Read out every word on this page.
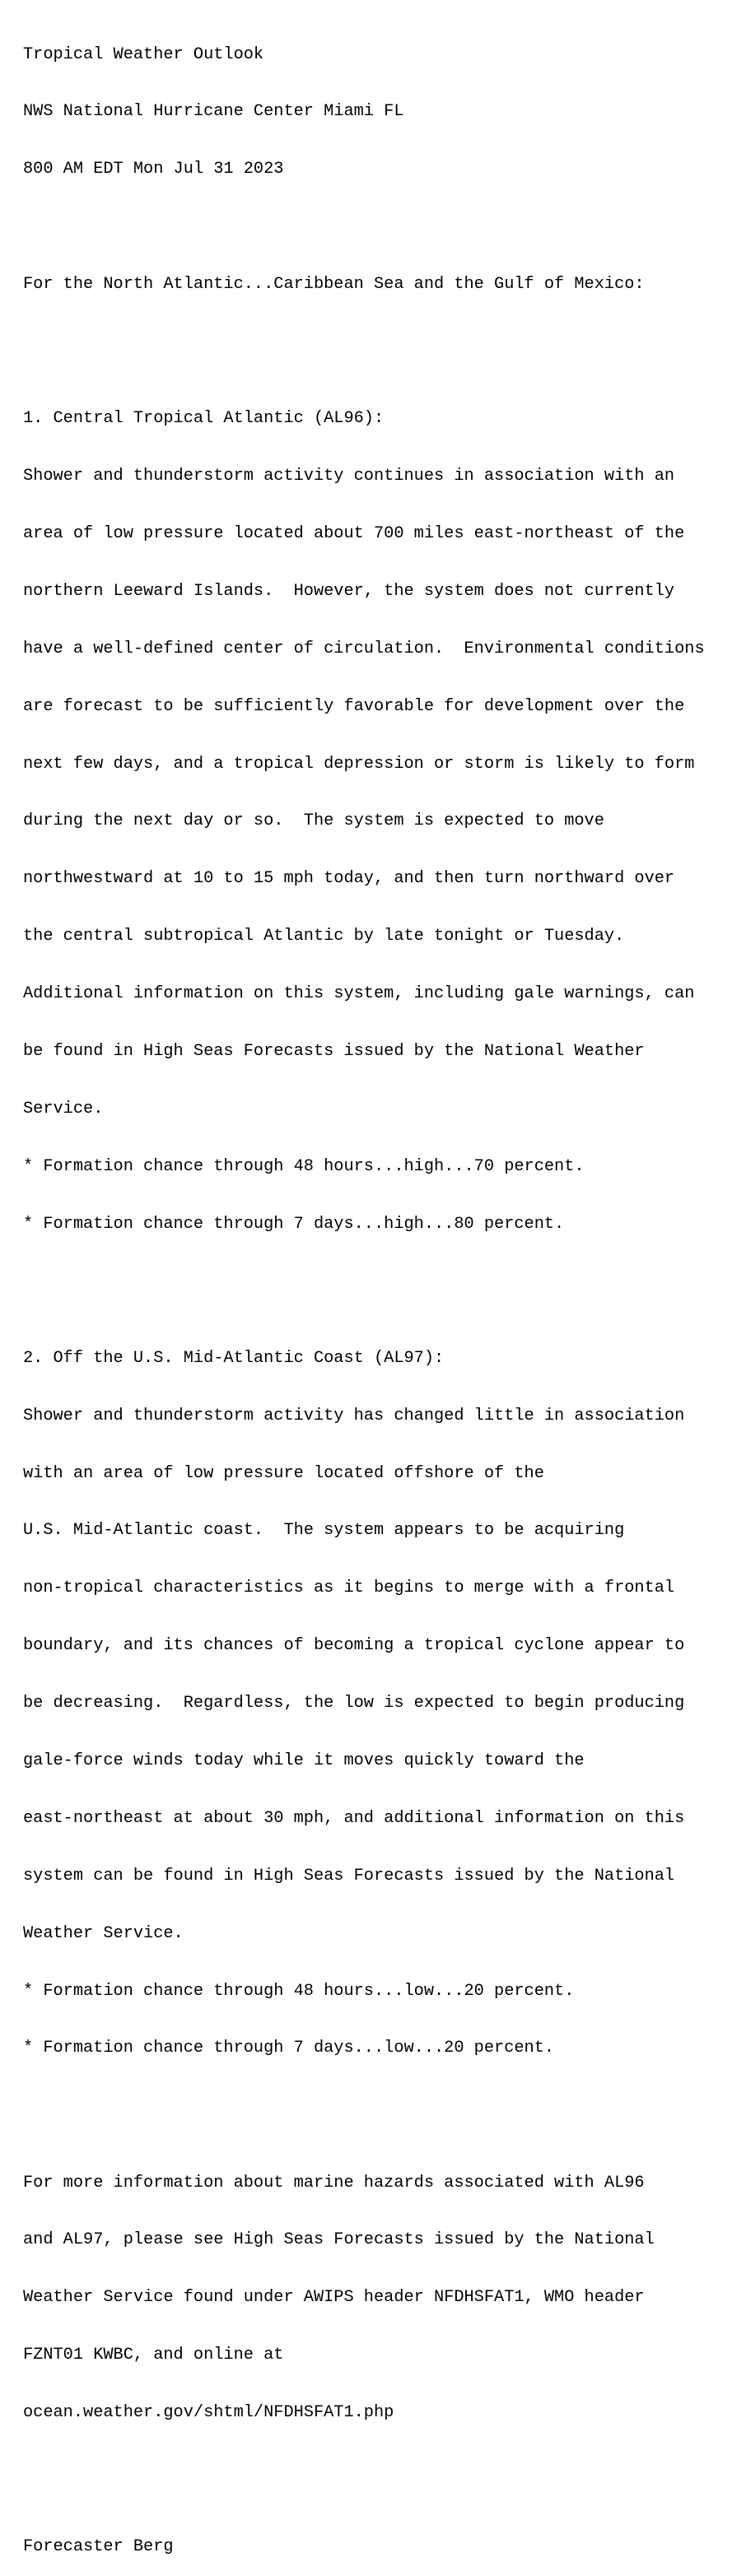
Tropical Weather Outlook

NWS National Hurricane Center Miami FL

800 AM EDT Mon Jul 31 2023

For the North Atlantic...Caribbean Sea and the Gulf of Mexico:

1. Central Tropical Atlantic (AL96):

Shower and thunderstorm activity continues in association with an

area of low pressure located about 700 miles east-northeast of the

northern Leeward Islands.  However, the system does not currently

have a well-defined center of circulation.  Environmental conditions

are forecast to be sufficiently favorable for development over the

next few days, and a tropical depression or storm is likely to form

during the next day or so.  The system is expected to move

northwestward at 10 to 15 mph today, and then turn northward over

the central subtropical Atlantic by late tonight or Tuesday.

Additional information on this system, including gale warnings, can

be found in High Seas Forecasts issued by the National Weather

Service.

* Formation chance through 48 hours...high...70 percent.

* Formation chance through 7 days...high...80 percent.

2. Off the U.S. Mid-Atlantic Coast (AL97):

Shower and thunderstorm activity has changed little in association

with an area of low pressure located offshore of the

U.S. Mid-Atlantic coast.  The system appears to be acquiring

non-tropical characteristics as it begins to merge with a frontal

boundary, and its chances of becoming a tropical cyclone appear to

be decreasing.  Regardless, the low is expected to begin producing

gale-force winds today while it moves quickly toward the

east-northeast at about 30 mph, and additional information on this

system can be found in High Seas Forecasts issued by the National

Weather Service.

* Formation chance through 48 hours...low...20 percent.

* Formation chance through 7 days...low...20 percent.

For more information about marine hazards associated with AL96

and AL97, please see High Seas Forecasts issued by the National

Weather Service found under AWIPS header NFDHSFAT1, WMO header

FZNT01 KWBC, and online at

ocean.weather.gov/shtml/NFDHSFAT1.php

Forecaster Berg
